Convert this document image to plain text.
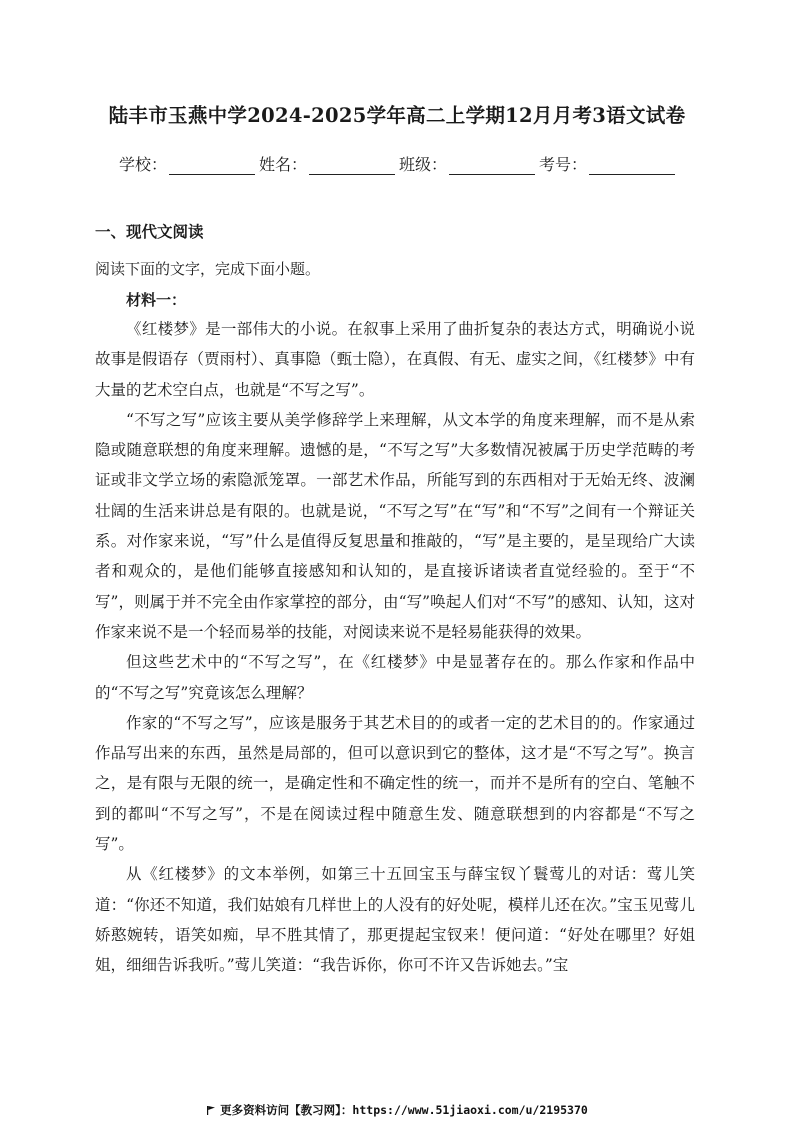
陆丰市玉燕中学2024-2025学年高二上学期12月月考3语文试卷
学校：	姓名：	班级：	考号：
一、现代文阅读
阅读下面的文字，完成下面小题。
材料一：

《红楼梦》是一部伟大的小说。在叙事上采用了曲折复杂的表达方式，明确说小说故事是假语存（贾雨村）、真事隐（甄士隐），在真假、有无、虚实之间，《红楼梦》中有大量的艺术空白点，也就是“不写之写”。

“不写之写”应该主要从美学修辞学上来理解，从文本学的角度来理解，而不是从索隐或随意联想的角度来理解。遗憾的是，“不写之写”大多数情况被属于历史学范畴的考证或非文学立场的索隐派笼罩。一部艺术作品，所能写到的东西相对于无始无终、波澜壮阔的生活来讲总是有限的。也就是说，“不写之写”在“写”和“不写”之间有一个辩证关系。对作家来说，“写”什么是值得反复思量和推敲的，“写”是主要的，是呈现给广大读者和观众的，是他们能够直接感知和认知的，是直接诉诸读者直觉经验的。至于“不写”，则属于并不完全由作家掌控的部分，由“写”唤起人们对“不写”的感知、认知，这对作家来说不是一个轻而易举的技能，对阅读来说不是轻易能获得的效果。

但这些艺术中的“不写之写”，在《红楼梦》中是显著存在的。那么作家和作品中的“不写之写”究竟该怎么理解？

作家的“不写之写”，应该是服务于其艺术目的的或者一定的艺术目的的。作家通过作品写出来的东西，虽然是局部的，但可以意识到它的整体，这才是“不写之写”。换言之，是有限与无限的统一，是确定性和不确定性的统一，而并不是所有的空白、笔触不到的都叫“不写之写”，不是在阅读过程中随意生发、随意联想到的内容都是“不写之写”。

从《红楼梦》的文本举例，如第三十五回宝玉与薛宝钗丫鬟莺儿的对话：莺儿笑道：“你还不知道，我们姑娘有几样世上的人没有的好处呢，模样儿还在次。”宝玉见莺儿娇憨婉转，语笑如痴，早不胜其情了，那更提起宝钗来！便问道：“好处在哪里？好姐姐，细细告诉我听。”莺儿笑道：“我告诉你，你可不许又告诉她去。”宝

更多资料访问【教习网】：https://www.51jiaoxi.com/u/2195370
